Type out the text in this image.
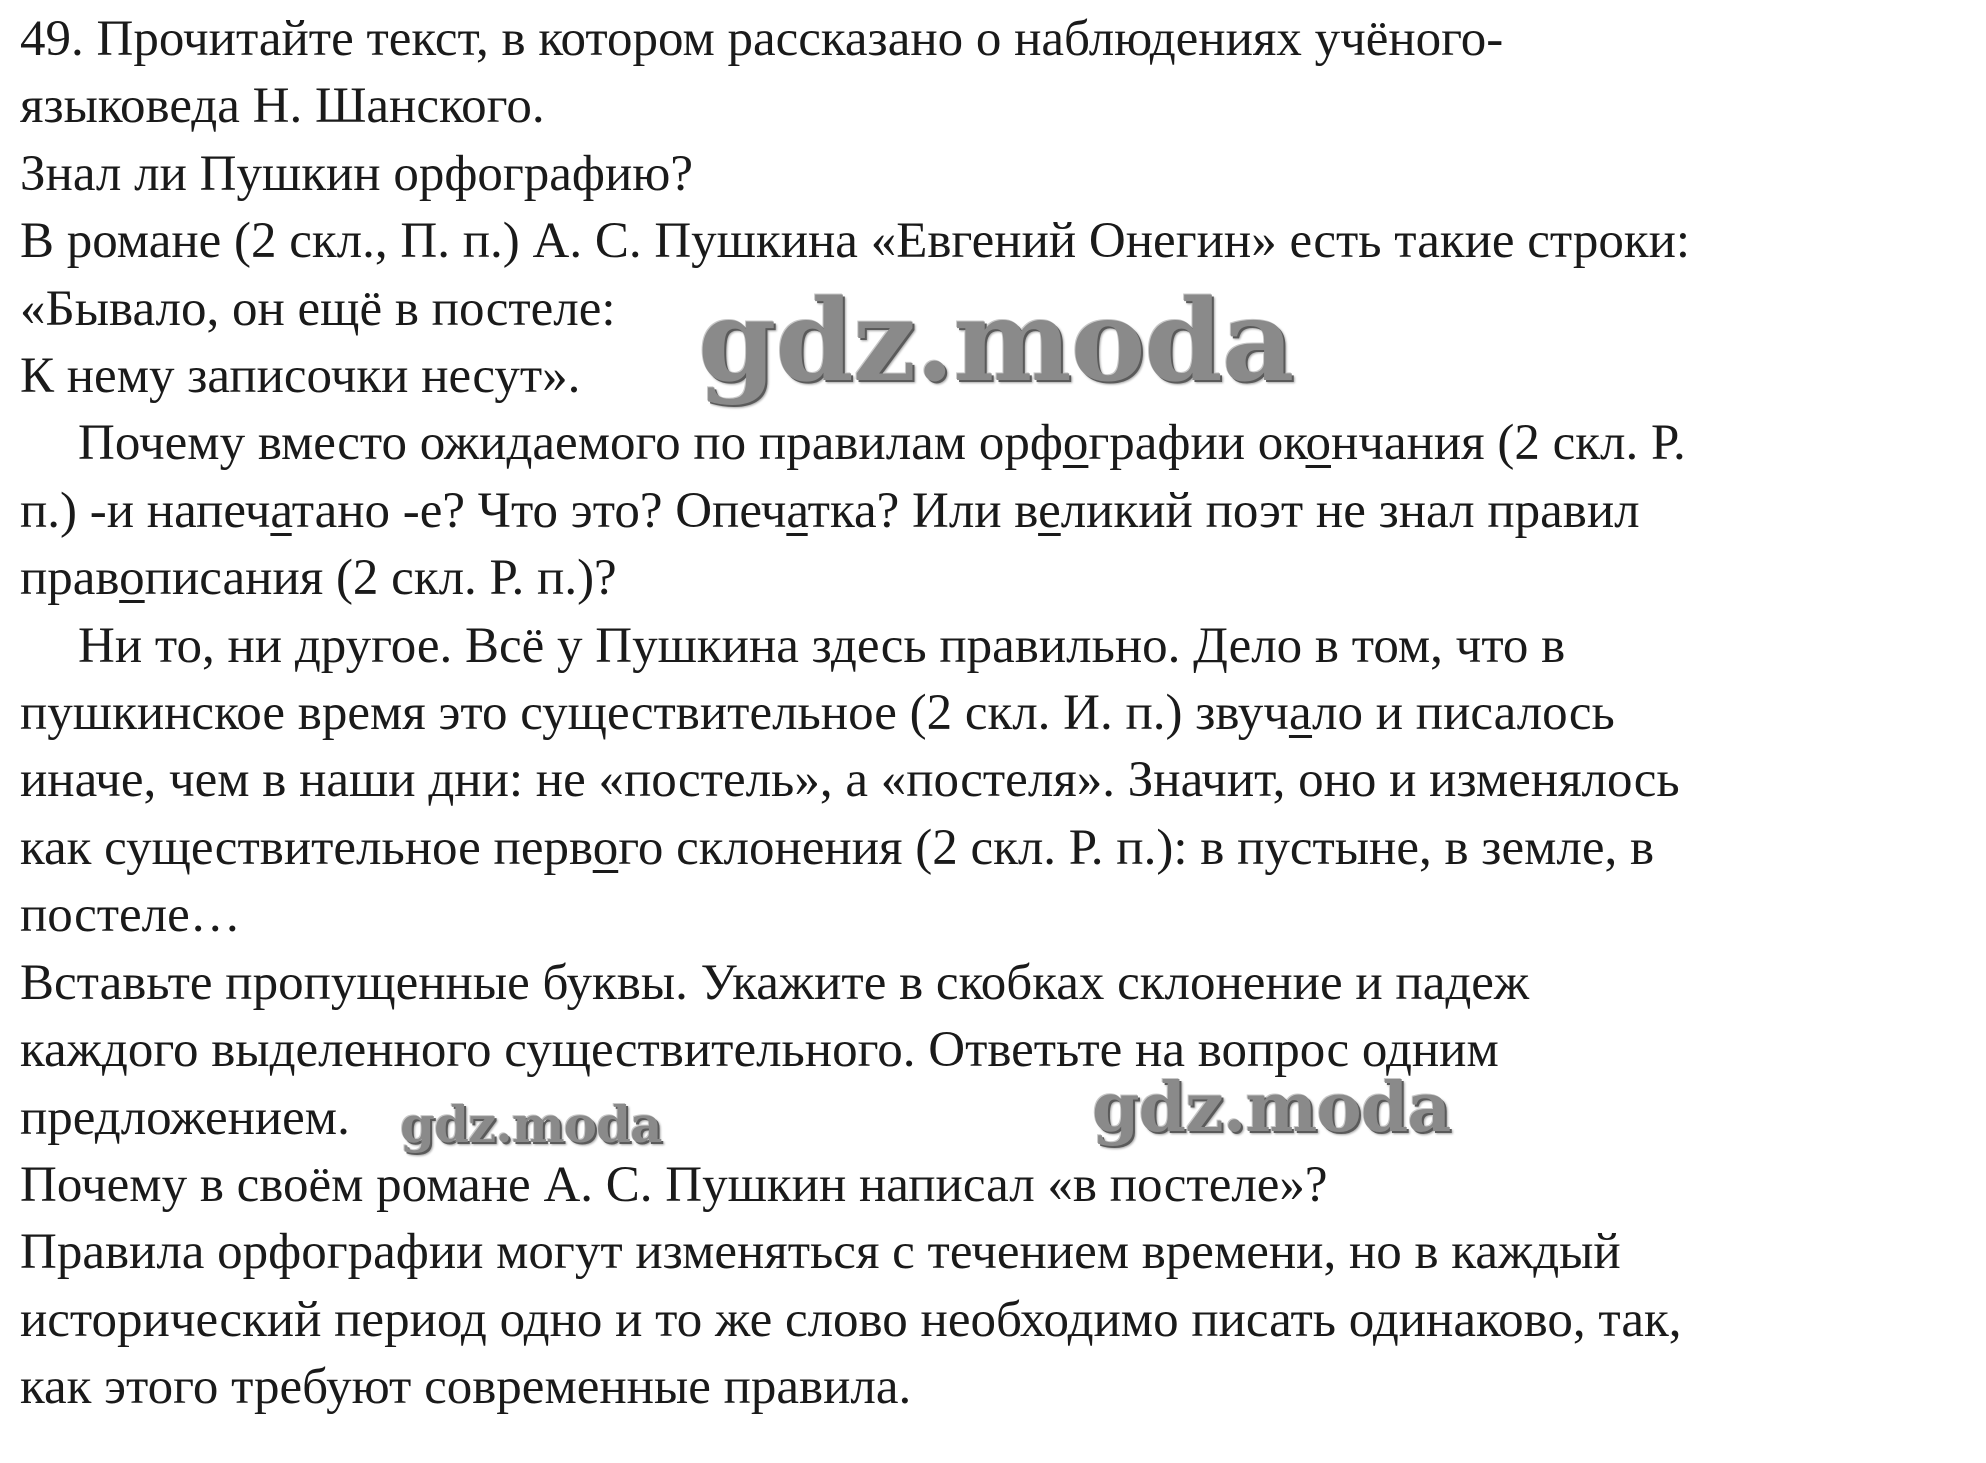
49. Прочитайте текст, в котором рассказано о наблюдениях учёного-

языковеда Н. Шанского.

Знал ли Пушкин орфографию?

В романе (2 скл., П. п.) А. С. Пушкина «Евгений Онегин» есть такие строки:

«Бывало, он ещё в постеле:

К нему записочки несут».

Почему вместо ожидаемого по правилам орфографии окончания (2 скл. Р.

п.) -и напечатано -е? Что это? Опечатка? Или великий поэт не знал правил

правописания (2 скл. Р. п.)?

Ни то, ни другое. Всё у Пушкина здесь правильно. Дело в том, что в

пушкинское время это существительное (2 скл. И. п.) звучало и писалось

иначе, чем в наши дни: не «постель», а «постеля». Значит, оно и изменялось

как существительное первого склонения (2 скл. Р. п.): в пустыне, в земле, в

постеле…

Вставьте пропущенные буквы. Укажите в скобках склонение и падеж

каждого выделенного существительного. Ответьте на вопрос одним

предложением.

Почему в своём романе А. С. Пушкин написал «в постеле»?

Правила орфографии могут изменяться с течением времени, но в каждый

исторический период одно и то же слово необходимо писать одинаково, так,

как этого требуют современные правила.

gdz.moda
gdz.moda	gdz.moda
